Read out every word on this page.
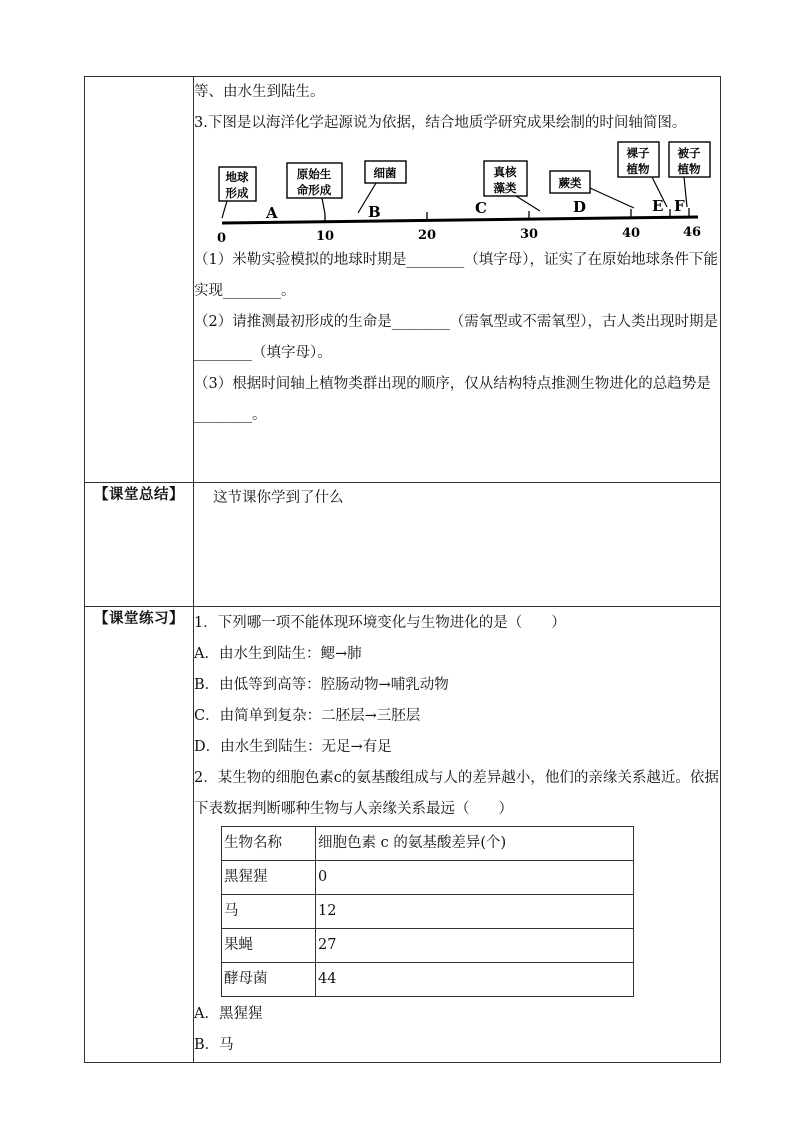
等、由水生到陆生。

3.下图是以海洋化学起源说为依据，结合地质学研究成果绘制的时间轴简图。

0	10	20	30	40	46
A	B	C	D	E F
地球
形成
原始生
命形成
细菌	真核
藻类	蕨类
裸子
植物
被子
植物

（1）米勒实验模拟的地球时期是________（填字母），证实了在原始地球条件下能实现________。

（2）请推测最初形成的生命是________（需氧型或不需氧型），古人类出现时期是________（填字母）。

（3）根据时间轴上植物类群出现的顺序，仅从结构特点推测生物进化的总趋势是________。

【课堂总结】	这节课你学到了什么

【课堂练习】	1．下列哪一项不能体现环境变化与生物进化的是（　　）

A．由水生到陆生：鳃→肺

B．由低等到高等：腔肠动物→哺乳动物

C．由简单到复杂：二胚层→三胚层

D．由水生到陆生：无足→有足

2．某生物的细胞色素c的氨基酸组成与人的差异越小，他们的亲缘关系越近。依据下表数据判断哪种生物与人亲缘关系最远（　　）

生物名称	细胞色素 c 的氨基酸差异(个)
黑猩猩	0
马	12
果蝇	27
酵母菌	44

A．黑猩猩

B．马
